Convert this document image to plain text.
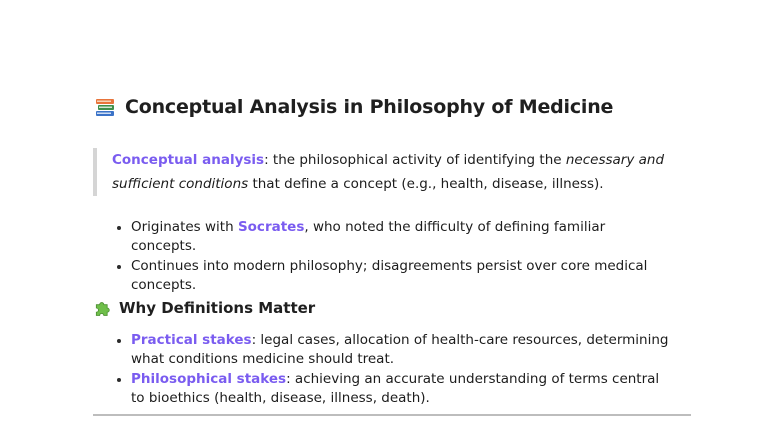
Conceptual Analysis in Philosophy of Medicine
Conceptual analysis: the philosophical activity of identifying the necessary and sufficient conditions that define a concept (e.g., health, disease, illness).
Originates with Socrates, who noted the difficulty of defining familiar concepts.
Continues into modern philosophy; disagreements persist over core medical concepts.
Why Definitions Matter
Practical stakes: legal cases, allocation of health-care resources, determining what conditions medicine should treat.
Philosophical stakes: achieving an accurate understanding of terms central to bioethics (health, disease, illness, death).
